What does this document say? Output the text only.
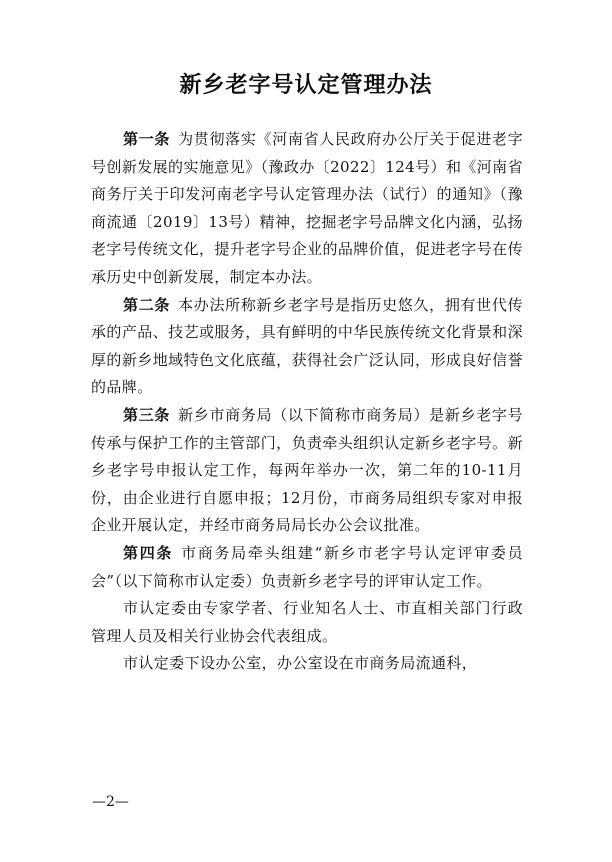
新乡老字号认定管理办法

第一条 为贯彻落实《河南省人民政府办公厅关于促进老字号创新发展的实施意见》（豫政办〔2022〕124号）和《河南省商务厅关于印发河南老字号认定管理办法（试行）的通知》（豫商流通〔2019〕13号）精神，挖掘老字号品牌文化内涵，弘扬老字号传统文化，提升老字号企业的品牌价值，促进老字号在传承历史中创新发展，制定本办法。

第二条 本办法所称新乡老字号是指历史悠久，拥有世代传承的产品、技艺或服务，具有鲜明的中华民族传统文化背景和深厚的新乡地域特色文化底蕴，获得社会广泛认同，形成良好信誉的品牌。

第三条 新乡市商务局（以下简称市商务局）是新乡老字号传承与保护工作的主管部门，负责牵头组织认定新乡老字号。新乡老字号申报认定工作，每两年举办一次，第二年的10-11月份，由企业进行自愿申报；12月份，市商务局组织专家对申报企业开展认定，并经市商务局局长办公会议批准。

第四条 市商务局牵头组建“新乡市老字号认定评审委员会”（以下简称市认定委）负责新乡老字号的评审认定工作。

市认定委由专家学者、行业知名人士、市直相关部门行政管理人员及相关行业协会代表组成。

市认定委下设办公室，办公室设在市商务局流通科，

—2—
